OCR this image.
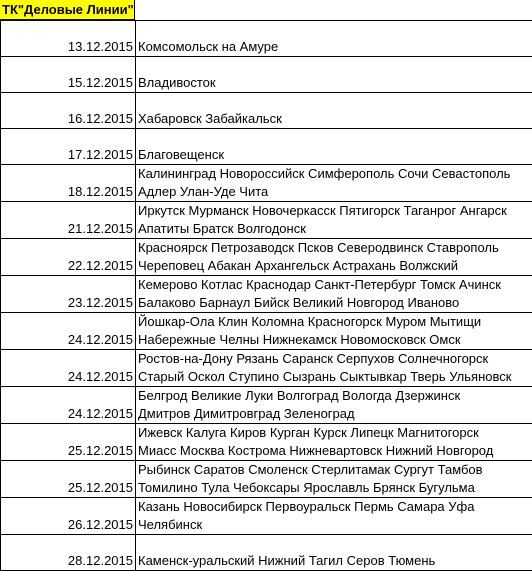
ТК"Деловые Линии"
13.12.2015	Комсомольск на Амуре

15.12.2015	Владивосток

16.12.2015	Хабаровск Забайкальск

17.12.2015	Благовещенск

18.12.2015	Калининград Новороссийск Симферополь Сочи Севастополь
Адлер Улан-Уде Чита

21.12.2015	Иркутск Мурманск Новочеркасск Пятигорск Таганрог Ангарск
Апатиты Братск Волгодонск

22.12.2015	Красноярск Петрозаводск Псков Северодвинск Ставрополь
Череповец Абакан Архангельск Астрахань Волжский

23.12.2015	Кемерово Котлас Краснодар Санкт-Петербург Томск Ачинск
Балаково Барнаул Бийск Великий Новгород Иваново

24.12.2015	Йошкар-Ола Клин Коломна Красногорск Муром Мытищи
Набережные Челны Нижнекамск Новомосковск Омск

24.12.2015	Ростов-на-Дону Рязань Саранск Серпухов Солнечногорск
Старый Оскол Ступино Сызрань Сыктывкар Тверь Ульяновск

24.12.2015	Белгрод Великие Луки Волгоград Вологда Дзержинск
Дмитров Димитровград Зеленоград

25.12.2015	Ижевск Калуга Киров Курган Курск Липецк Магнитогорск
Миасс Москва Кострома Нижневартовск Нижний Новгород

25.12.2015	Рыбинск Саратов Смоленск Стерлитамак Сургут Тамбов
Томилино Тула Чебоксары Ярославль Брянск Бугульма

26.12.2015	Казань Новосибирск Первоуральск Пермь Самара Уфа
Челябинск

28.12.2015	Каменск-уральский Нижний Тагил Серов Тюмень
